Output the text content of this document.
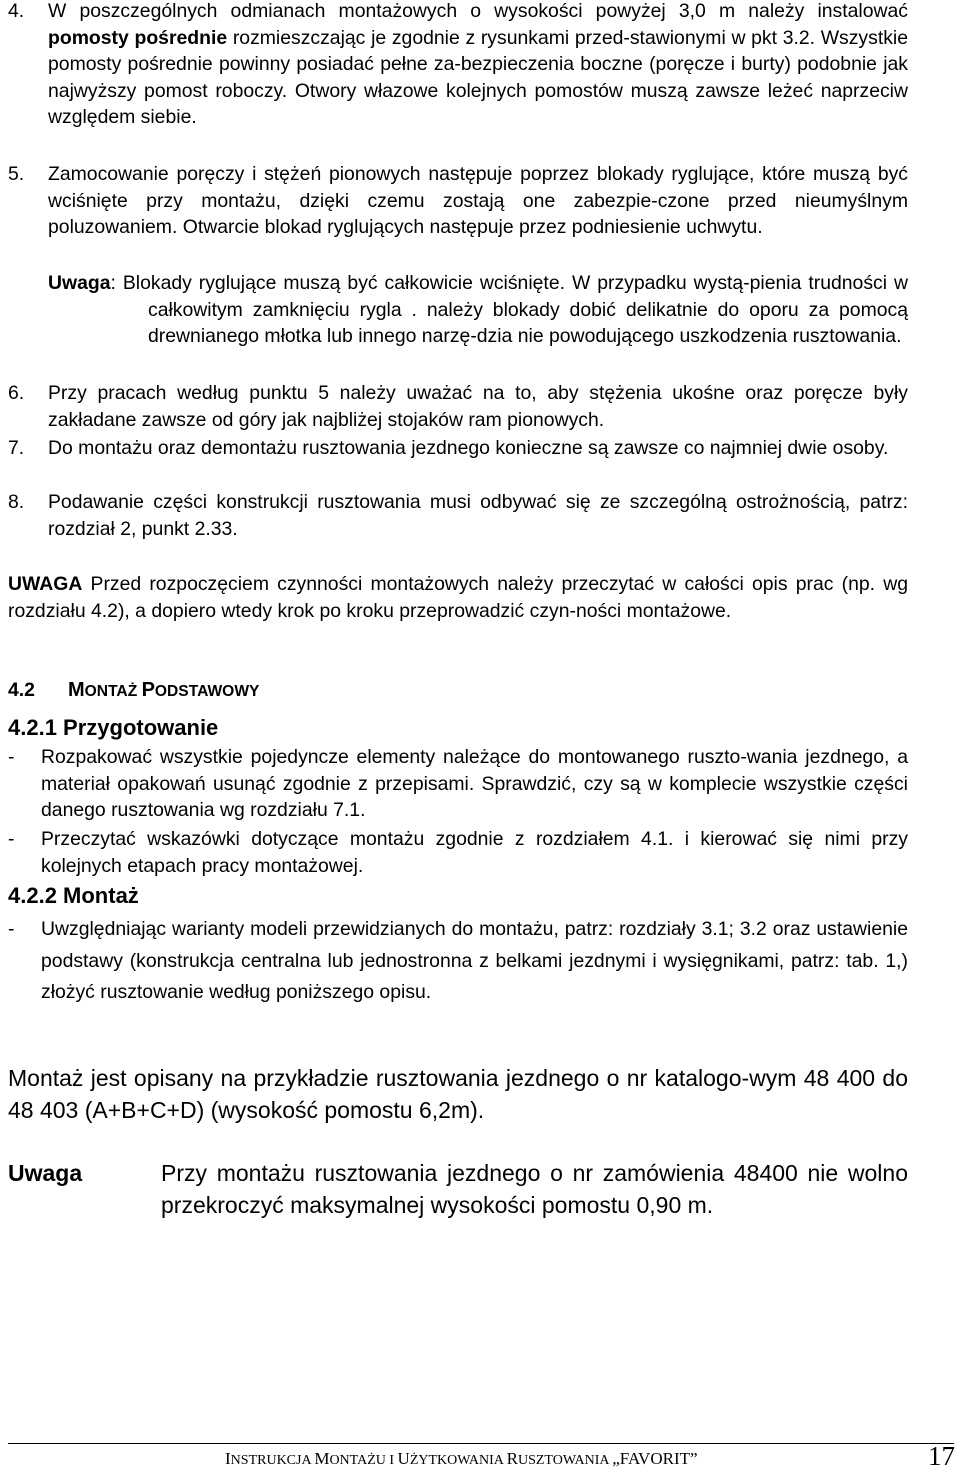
4.	W poszczególnych odmianach montażowych o wysokości powyżej 3,0 m należy instalować pomosty pośrednie rozmieszczając je zgodnie z rysunkami przed-stawionymi w pkt 3.2. Wszystkie pomosty pośrednie powinny posiadać pełne za-bezpieczenia boczne (poręcze i burty) podobnie jak najwyższy pomost roboczy. Otwory włazowe kolejnych pomostów muszą zawsze leżeć naprzeciw względem siebie.
5.	Zamocowanie poręczy i stężeń pionowych następuje poprzez blokady ryglujące, które muszą być wciśnięte przy montażu, dzięki czemu zostają one zabezpie-czone przed nieumyślnym poluzowaniem. Otwarcie blokad ryglujących następuje przez podniesienie uchwytu.
Uwaga: Blokady ryglujące muszą być całkowicie wciśnięte. W przypadku wystą-pienia trudności w całkowitym zamknięciu rygla . należy blokady dobić delikatnie do oporu za pomocą drewnianego młotka lub innego narzę-dzia nie powodującego uszkodzenia rusztowania.
6.	Przy pracach według punktu 5 należy uważać na to, aby stężenia ukośne oraz poręcze były zakładane zawsze od góry jak najbliżej stojaków ram pionowych.
7.	Do montażu oraz demontażu rusztowania jezdnego konieczne są zawsze co najmniej dwie osoby.
8.	Podawanie części konstrukcji rusztowania musi odbywać się ze szczególną ostrożnością, patrz: rozdział 2, punkt 2.33.
UWAGA Przed rozpoczęciem czynności montażowych należy przeczytać w całości opis prac (np. wg rozdziału 4.2), a dopiero wtedy krok po kroku przeprowadzić czyn-ności montażowe.
4.2 MONTAŻ PODSTAWOWY
4.2.1 Przygotowanie
-	Rozpakować wszystkie pojedyncze elementy należące do montowanego ruszto-wania jezdnego, a materiał opakowań usunąć zgodnie z przepisami. Sprawdzić, czy są w komplecie wszystkie części danego rusztowania wg rozdziału 7.1.
-	Przeczytać wskazówki dotyczące montażu zgodnie z rozdziałem 4.1. i kierować się nimi przy kolejnych etapach pracy montażowej.
4.2.2 Montaż
-	Uwzględniając warianty modeli przewidzianych do montażu, patrz: rozdziały 3.1; 3.2 oraz ustawienie podstawy (konstrukcja centralna lub jednostronna z belkami jezdnymi i wysięgnikami, patrz: tab. 1,) złożyć rusztowanie według poniższego opisu.
Montaż jest opisany na przykładzie rusztowania jezdnego o nr katalogo-wym 48 400 do 48 403 (A+B+C+D) (wysokość pomostu 6,2m).
Uwaga	Przy montażu rusztowania jezdnego o nr zamówienia 48400 nie wolno przekroczyć maksymalnej wysokości pomostu 0,90 m.
INSTRUKCJA MONTAŻU I UŻYTKOWANIA RUSZTOWANIA „FAVORIT”	17
